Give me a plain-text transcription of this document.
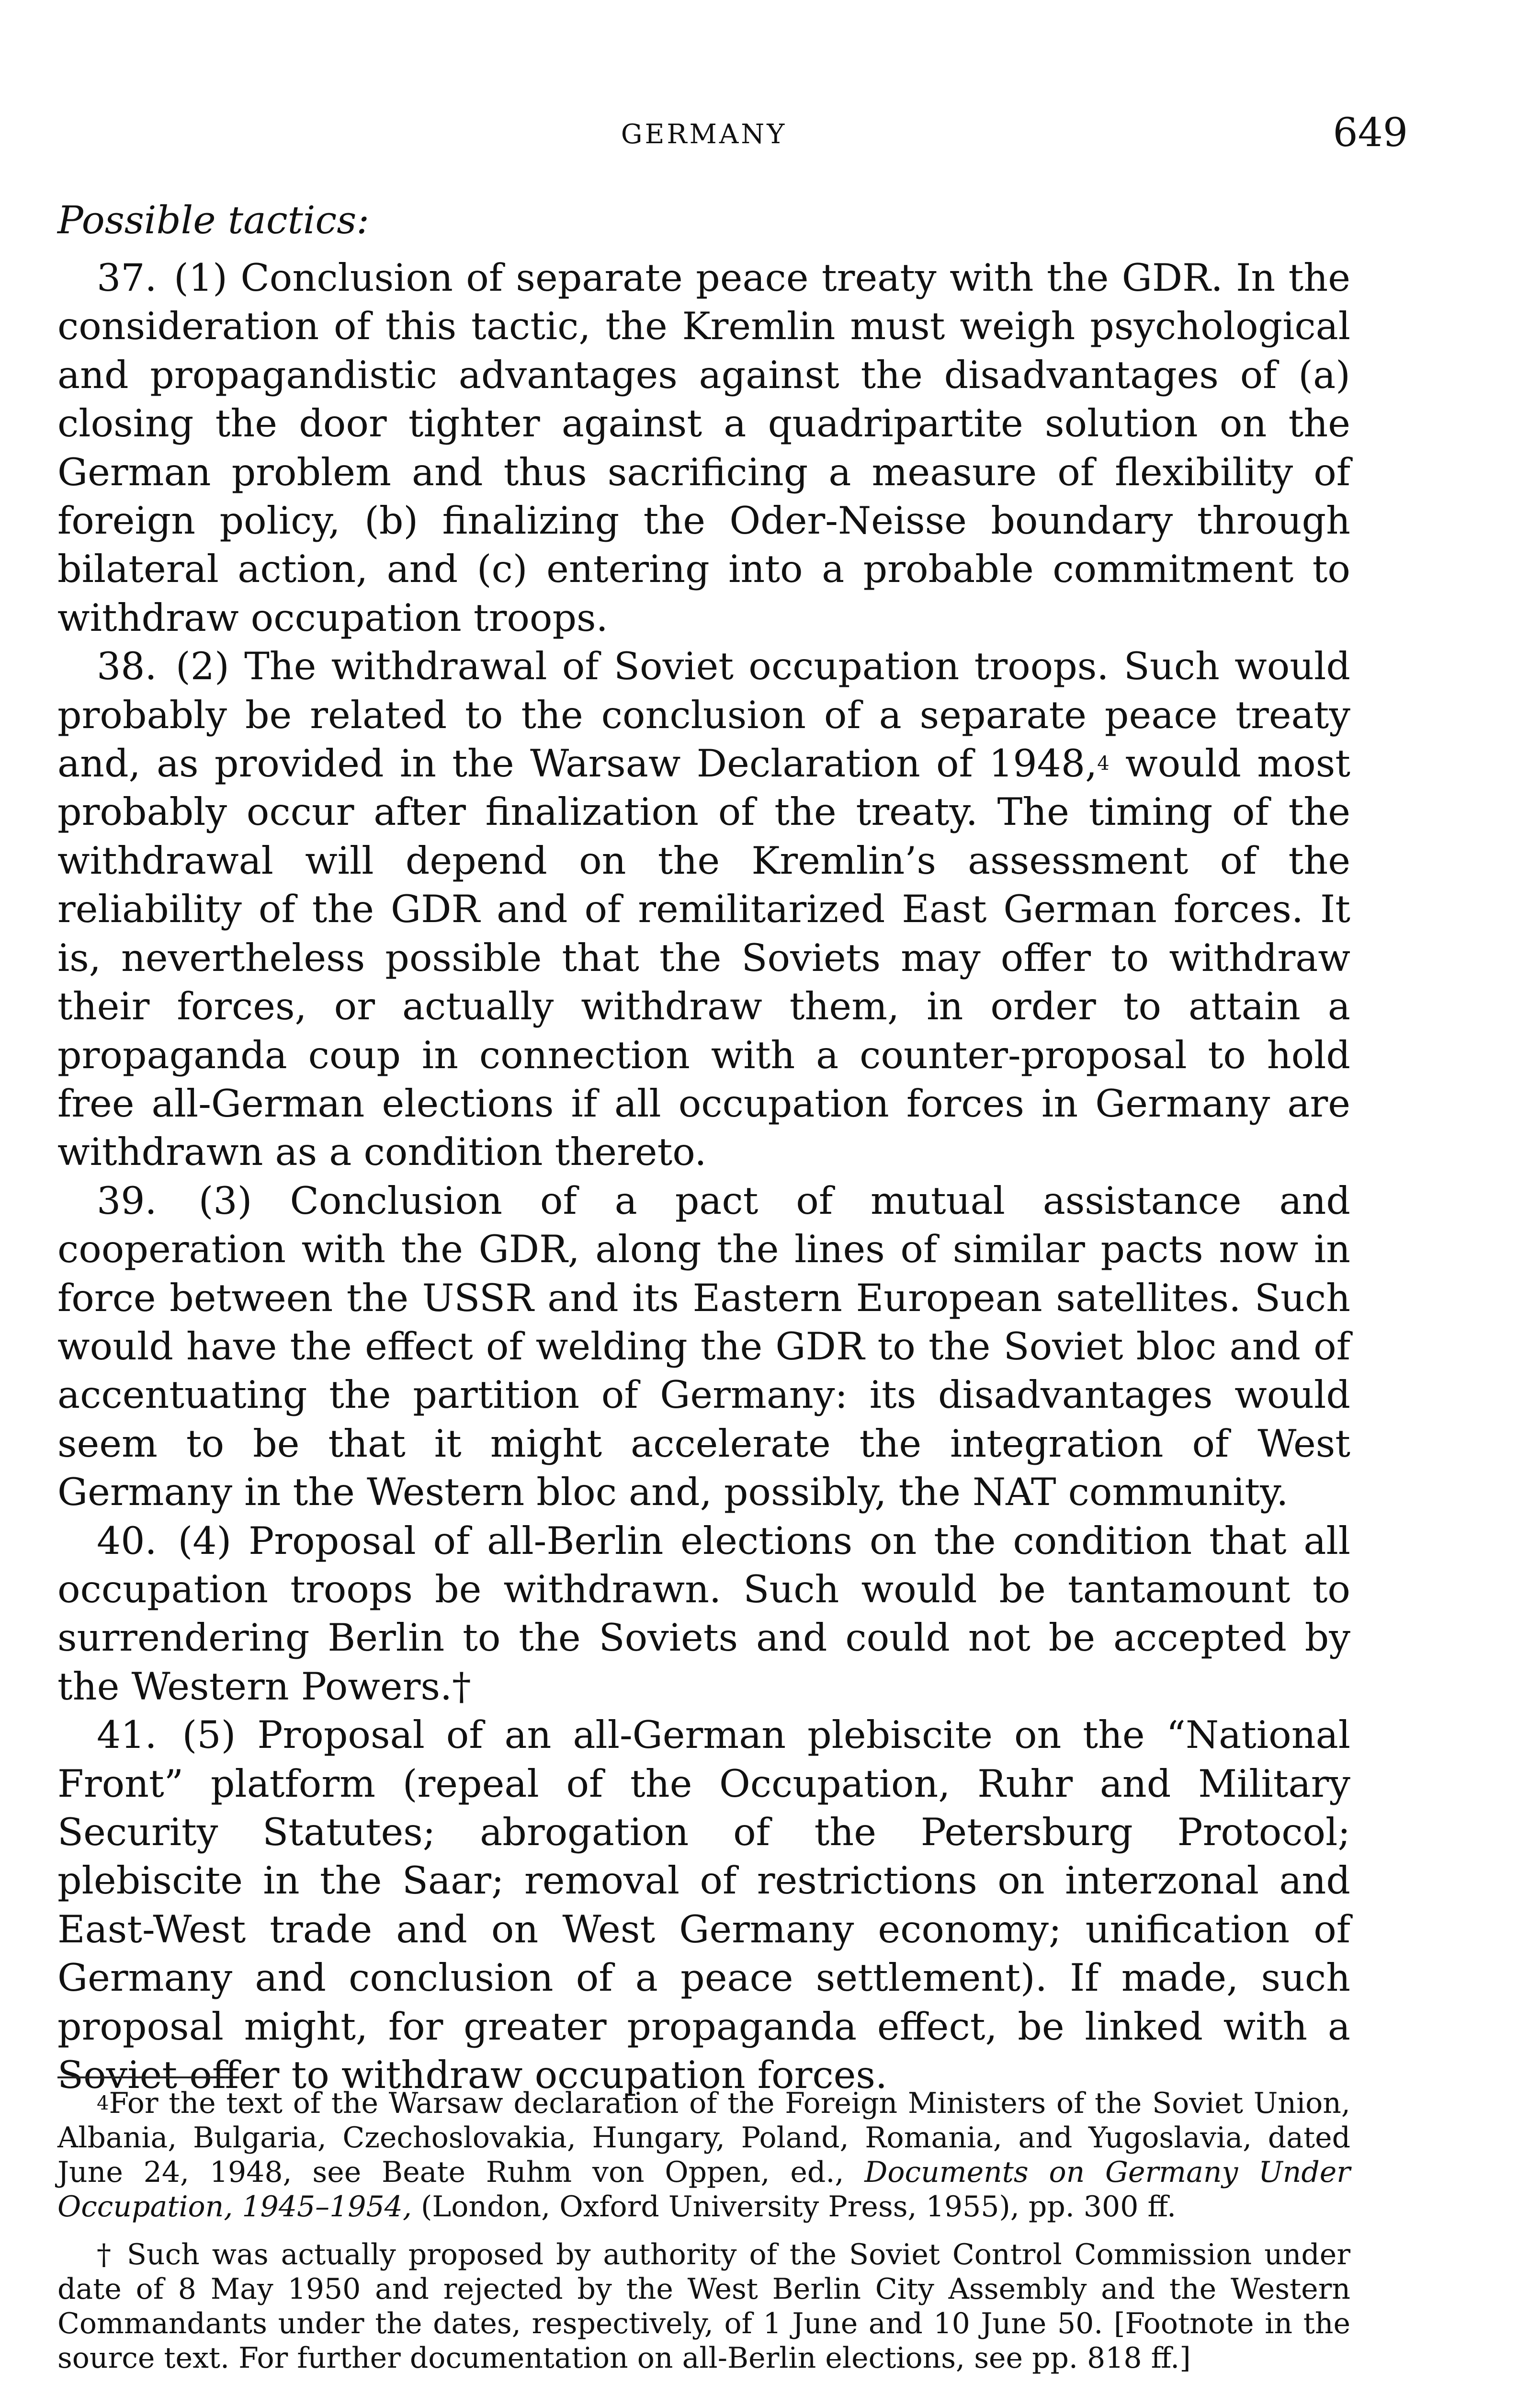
GERMANY	649
Possible tactics:

37. (1) Conclusion of separate peace treaty with the GDR. In the consideration of this tactic, the Kremlin must weigh psychological and propagandistic advantages against the disadvantages of (a) closing the door tighter against a quadripartite solution on the German problem and thus sacrificing a measure of flexibility of foreign policy, (b) finalizing the Oder-Neisse boundary through bilateral action, and (c) entering into a probable commitment to withdraw occupation troops.

38. (2) The withdrawal of Soviet occupation troops. Such would probably be related to the conclusion of a separate peace treaty and, as provided in the Warsaw Declaration of 1948,$^4$ would most probably occur after finalization of the treaty. The timing of the withdrawal will depend on the Kremlin’s assessment of the reliability of the GDR and of remilitarized East German forces. It is, nevertheless possible that the Soviets may offer to withdraw their forces, or actually withdraw them, in order to attain a propaganda coup in connection with a counter-proposal to hold free all-German elections if all occupation forces in Germany are withdrawn as a condition thereto.

39. (3) Conclusion of a pact of mutual assistance and cooperation with the GDR, along the lines of similar pacts now in force between the USSR and its Eastern European satellites. Such would have the effect of welding the GDR to the Soviet bloc and of accentuating the partition of Germany: its disadvantages would seem to be that it might accelerate the integration of West Germany in the Western bloc and, possibly, the NAT community.

40. (4) Proposal of all-Berlin elections on the condition that all occupation troops be withdrawn. Such would be tantamount to surrendering Berlin to the Soviets and could not be accepted by the Western Powers.†

41. (5) Proposal of an all-German plebiscite on the “National Front” platform (repeal of the Occupation, Ruhr and Military Security Statutes; abrogation of the Petersburg Protocol; plebiscite in the Saar; removal of restrictions on interzonal and East-West trade and on West Germany economy; unification of Germany and conclusion of a peace settlement). If made, such proposal might, for greater propaganda effect, be linked with a Soviet offer to withdraw occupation forces.

$^4$For the text of the Warsaw declaration of the Foreign Ministers of the Soviet Union, Albania, Bulgaria, Czechoslovakia, Hungary, Poland, Romania, and Yugoslavia, dated June 24, 1948, see Beate Ruhm von Oppen, ed., Documents on Germany Under Occupation, 1945–1954, (London, Oxford University Press, 1955), pp. 300 ff.

† Such was actually proposed by authority of the Soviet Control Commission under date of 8 May 1950 and rejected by the West Berlin City Assembly and the Western Commandants under the dates, respectively, of 1 June and 10 June 50. [Footnote in the source text. For further documentation on all-Berlin elections, see pp. 818 ff.]
